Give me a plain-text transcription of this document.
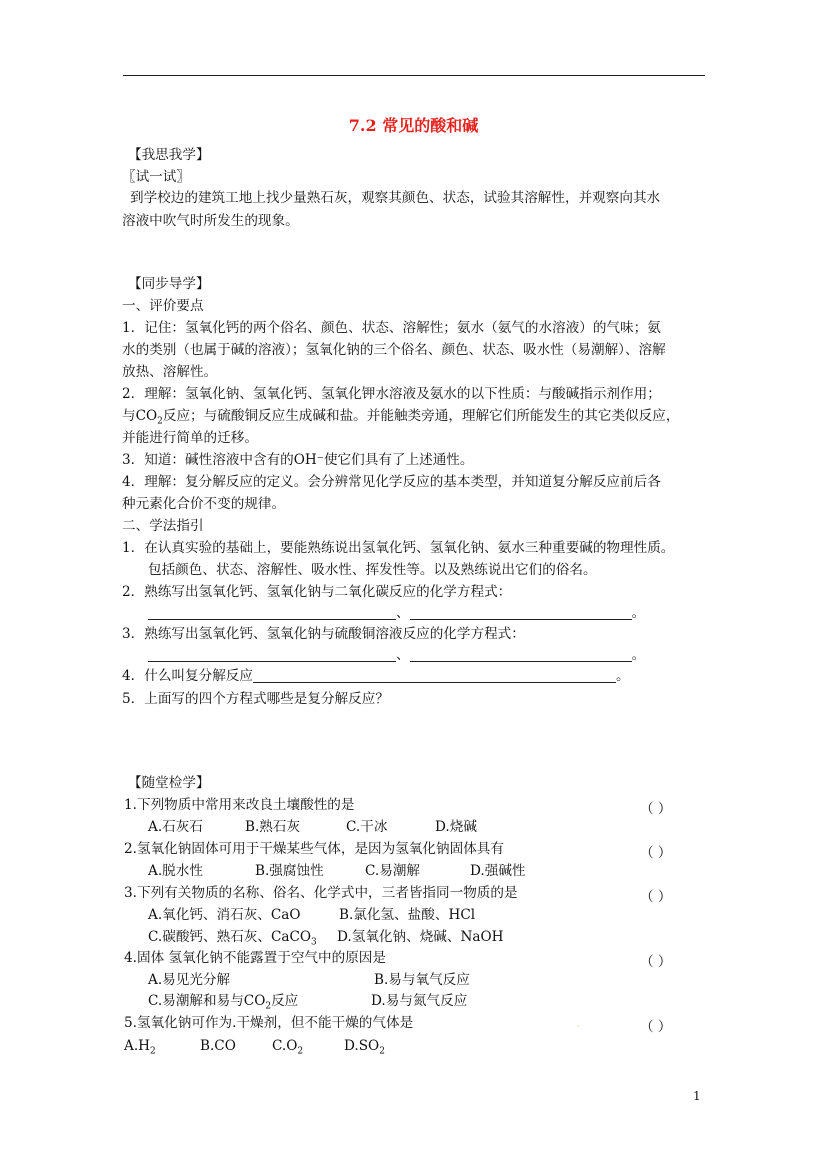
7.2 常见的酸和碱
【我思我学】
〖试一试〗
到学校边的建筑工地上找少量熟石灰，观察其颜色、状态，试验其溶解性，并观察向其水
溶液中吹气时所发生的现象。
【同步导学】
一、评价要点
1．记住：氢氧化钙的两个俗名、颜色、状态、溶解性；氨水（氨气的水溶液）的气味；氨
水的类别（也属于碱的溶液）；氢氧化钠的三个俗名、颜色、状态、吸水性（易潮解）、溶解
放热、溶解性。
2．理解：氢氧化钠、氢氧化钙、氢氧化钾水溶液及氨水的以下性质：与酸碱指示剂作用；
与$CO_2$反应；与硫酸铜反应生成碱和盐。并能触类旁通，理解它们所能发生的其它类似反应，
并能进行简单的迁移。
3．知道：碱性溶液中含有的OH⁻使它们具有了上述通性。
4．理解：复分解反应的定义。会分辨常见化学反应的基本类型，并知道复分解反应前后各
种元素化合价不变的规律。
二、学法指引
1．在认真实验的基础上，要能熟练说出氢氧化钙、氢氧化钠、氨水三种重要碱的物理性质。
包括颜色、状态、溶解性、吸水性、挥发性等。以及熟练说出它们的俗名。
2．熟练写出氢氧化钙、氢氧化钠与二氧化碳反应的化学方程式：
、	。
3．熟练写出氢氧化钙、氢氧化钠与硫酸铜溶液反应的化学方程式：
、	。
4．什么叫复分解反应	。
5．上面写的四个方程式哪些是复分解反应？
【随堂检学】
1.下列物质中常用来改良土壤酸性的是	（ ）
A.石灰石	B.熟石灰	C.干冰	D.烧碱
2.氢氧化钠固体可用于干燥某些气体，是因为氢氧化钠固体具有	（ ）
A.脱水性	B.强腐蚀性	C.易潮解	D.强碱性
3.下列有关物质的名称、俗名、化学式中，三者皆指同一物质的是	（ ）
A.氧化钙、消石灰、CaO	B.氯化氢、盐酸、HCl
C.碳酸钙、熟石灰、CaCO$_3$ D.氢氧化钠、烧碱、NaOH
4.固体 氢氧化钠不能露置于空气中的原因是	（ ）
A.易见光分解	B.易与氧气反应
C.易潮解和易与$CO_2$反应	D.易与氮气反应
5.氢氧化钠可作为.干燥剂，但不能干燥的气体是	·	（ ）
$A.H_2$	B.CO	$C.O_2$	$D.SO_2$
1
